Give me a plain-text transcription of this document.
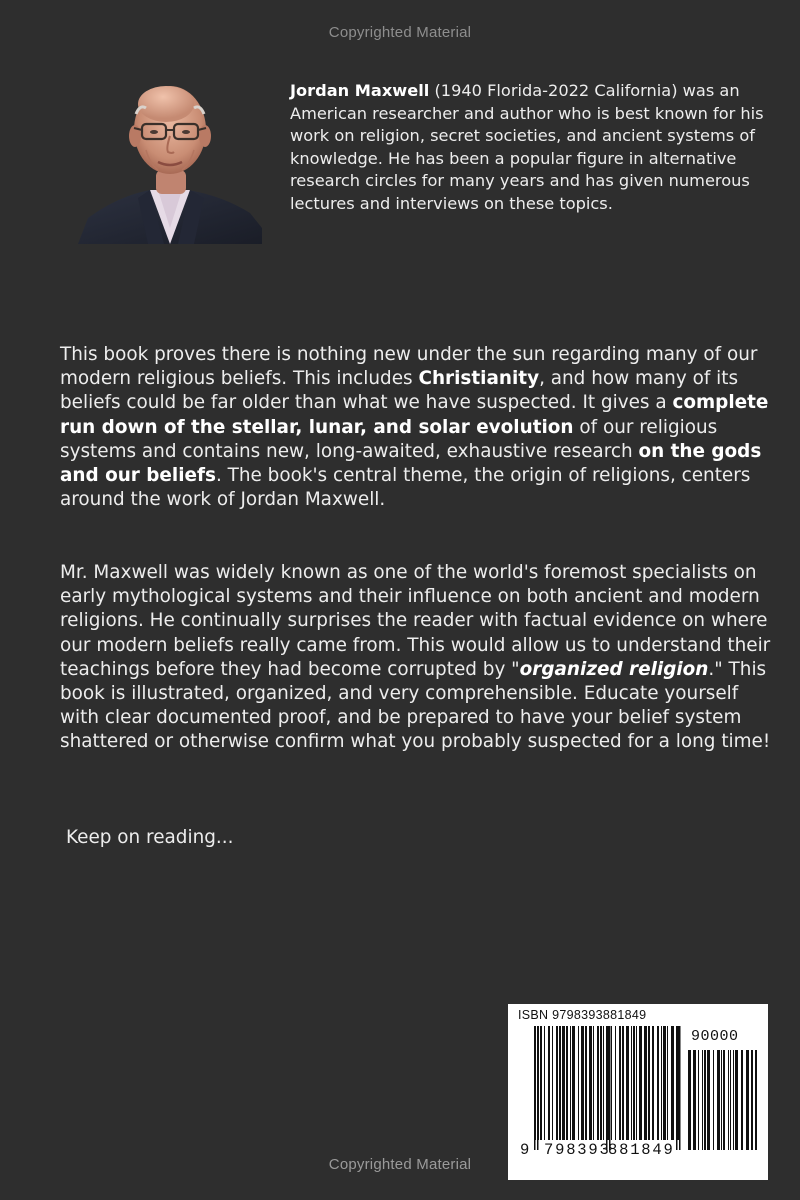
Copyrighted Material
Jordan Maxwell (1940 Florida-2022 California) was an American researcher and author who is best known for his work on religion, secret societies, and ancient systems of knowledge. He has been a popular figure in alternative research circles for many years and has given numerous lectures and interviews on these topics.

This book proves there is nothing new under the sun regarding many of our modern religious beliefs. This includes Christianity, and how many of its beliefs could be far older than what we have suspected. It gives a complete run down of the stellar, lunar, and solar evolution of our religious systems and contains new, long-awaited, exhaustive research on the gods and our beliefs. The book's central theme, the origin of religions, centers around the work of Jordan Maxwell.

Mr. Maxwell was widely known as one of the world's foremost specialists on early mythological systems and their influence on both ancient and modern religions. He continually surprises the reader with factual evidence on where our modern beliefs really came from. This would allow us to understand their teachings before they had become corrupted by "organized religion." This book is illustrated, organized, and very comprehensible. Educate yourself with clear documented proof, and be prepared to have your belief system shattered or otherwise confirm what you probably suspected for a long time!

Keep on reading...
ISBN 9798393881849
90000
9 798393
881849
Copyrighted Material
